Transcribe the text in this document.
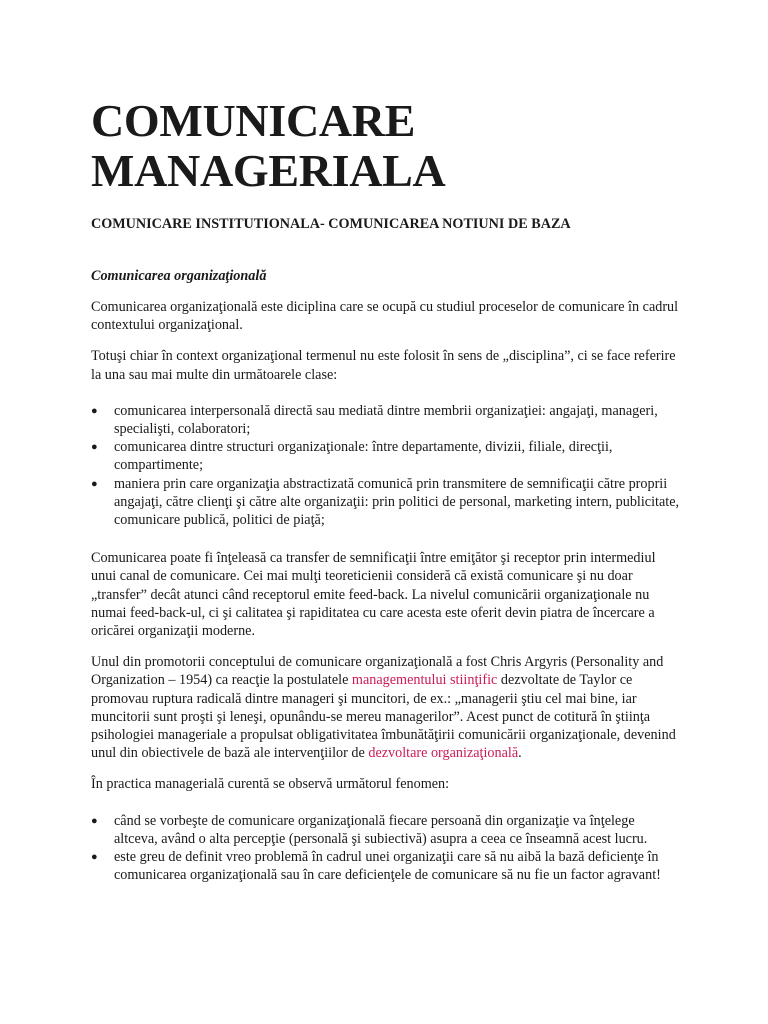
COMUNICARE
MANAGERIALA
COMUNICARE INSTITUTIONALA- COMUNICAREA NOTIUNI DE BAZA
Comunicarea organizaţională

Comunicarea organizaţională este diciplina care se ocupă cu studiul proceselor de comunicare în cadrul contextului organizaţional.

Totuşi chiar în context organizaţional termenul nu este folosit în sens de „disciplina”, ci se face referire la una sau mai multe din următoarele clase:

● comunicarea interpersonală directă sau mediată dintre membrii organizaţiei: angajaţi, manageri, specialişti, colaboratori;
● comunicarea dintre structuri organizaţionale: între departamente, divizii, filiale, direcţii, compartimente;
● maniera prin care organizaţia abstractizată comunică prin transmitere de semnificaţii către proprii angajaţi, către clienţi şi către alte organizaţii: prin politici de personal, marketing intern, publicitate, comunicare publică, politici de piaţă;

Comunicarea poate fi înţeleasă ca transfer de semnificaţii între emiţător şi receptor prin intermediul unui canal de comunicare. Cei mai mulţi teoreticienii consideră că există comunicare şi nu doar „transfer” decât atunci când receptorul emite feed-back. La nivelul comunicării organizaţionale nu numai feed-back-ul, ci şi calitatea şi rapiditatea cu care acesta este oferit devin piatra de încercare a oricărei organizaţii moderne.

Unul din promotorii conceptului de comunicare organizaţională a fost Chris Argyris (Personality and Organization – 1954) ca reacţie la postulatele managementului stiinţific dezvoltate de Taylor ce promovau ruptura radicală dintre manageri şi muncitori, de ex.: „managerii ştiu cel mai bine, iar muncitorii sunt proşti şi leneşi, opunându-se mereu managerilor”. Acest punct de cotitură în ştiinţa psihologiei manageriale a propulsat obligativitatea îmbunătăţirii comunicării organizaţionale, devenind unul din obiectivele de bază ale intervenţiilor de dezvoltare organizaţională.

În practica managerială curentă se observă următorul fenomen:

● când se vorbeşte de comunicare organizaţională fiecare persoană din organizaţie va înţelege altceva, având o alta percepţie (personală şi subiectivă) asupra a ceea ce înseamnă acest lucru.
● este greu de definit vreo problemă în cadrul unei organizaţii care să nu aibă la bază deficienţe în comunicarea organizaţională sau în care deficienţele de comunicare să nu fie un factor agravant!
